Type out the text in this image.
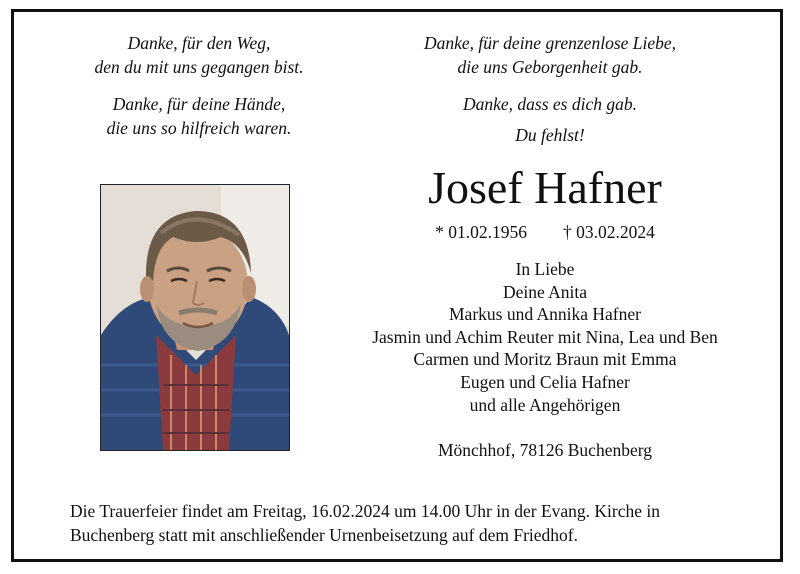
Danke, für den Weg,
den du mit uns gegangen bist.
Danke, für deine Hände,
die uns so hilfreich waren.
Danke, für deine grenzenlose Liebe,
die uns Geborgenheit gab.
Danke, dass es dich gab.
Du fehlst!
Josef Hafner
* 01.02.1956 † 03.02.2024
In Liebe
Deine Anita
Markus und Annika Hafner
Jasmin und Achim Reuter mit Nina, Lea und Ben
Carmen und Moritz Braun mit Emma
Eugen und Celia Hafner
und alle Angehörigen
Mönchhof, 78126 Buchenberg
Die Trauerfeier findet am Freitag, 16.02.2024 um 14.00 Uhr in der Evang. Kirche in
Buchenberg statt mit anschließender Urnenbeisetzung auf dem Friedhof.
